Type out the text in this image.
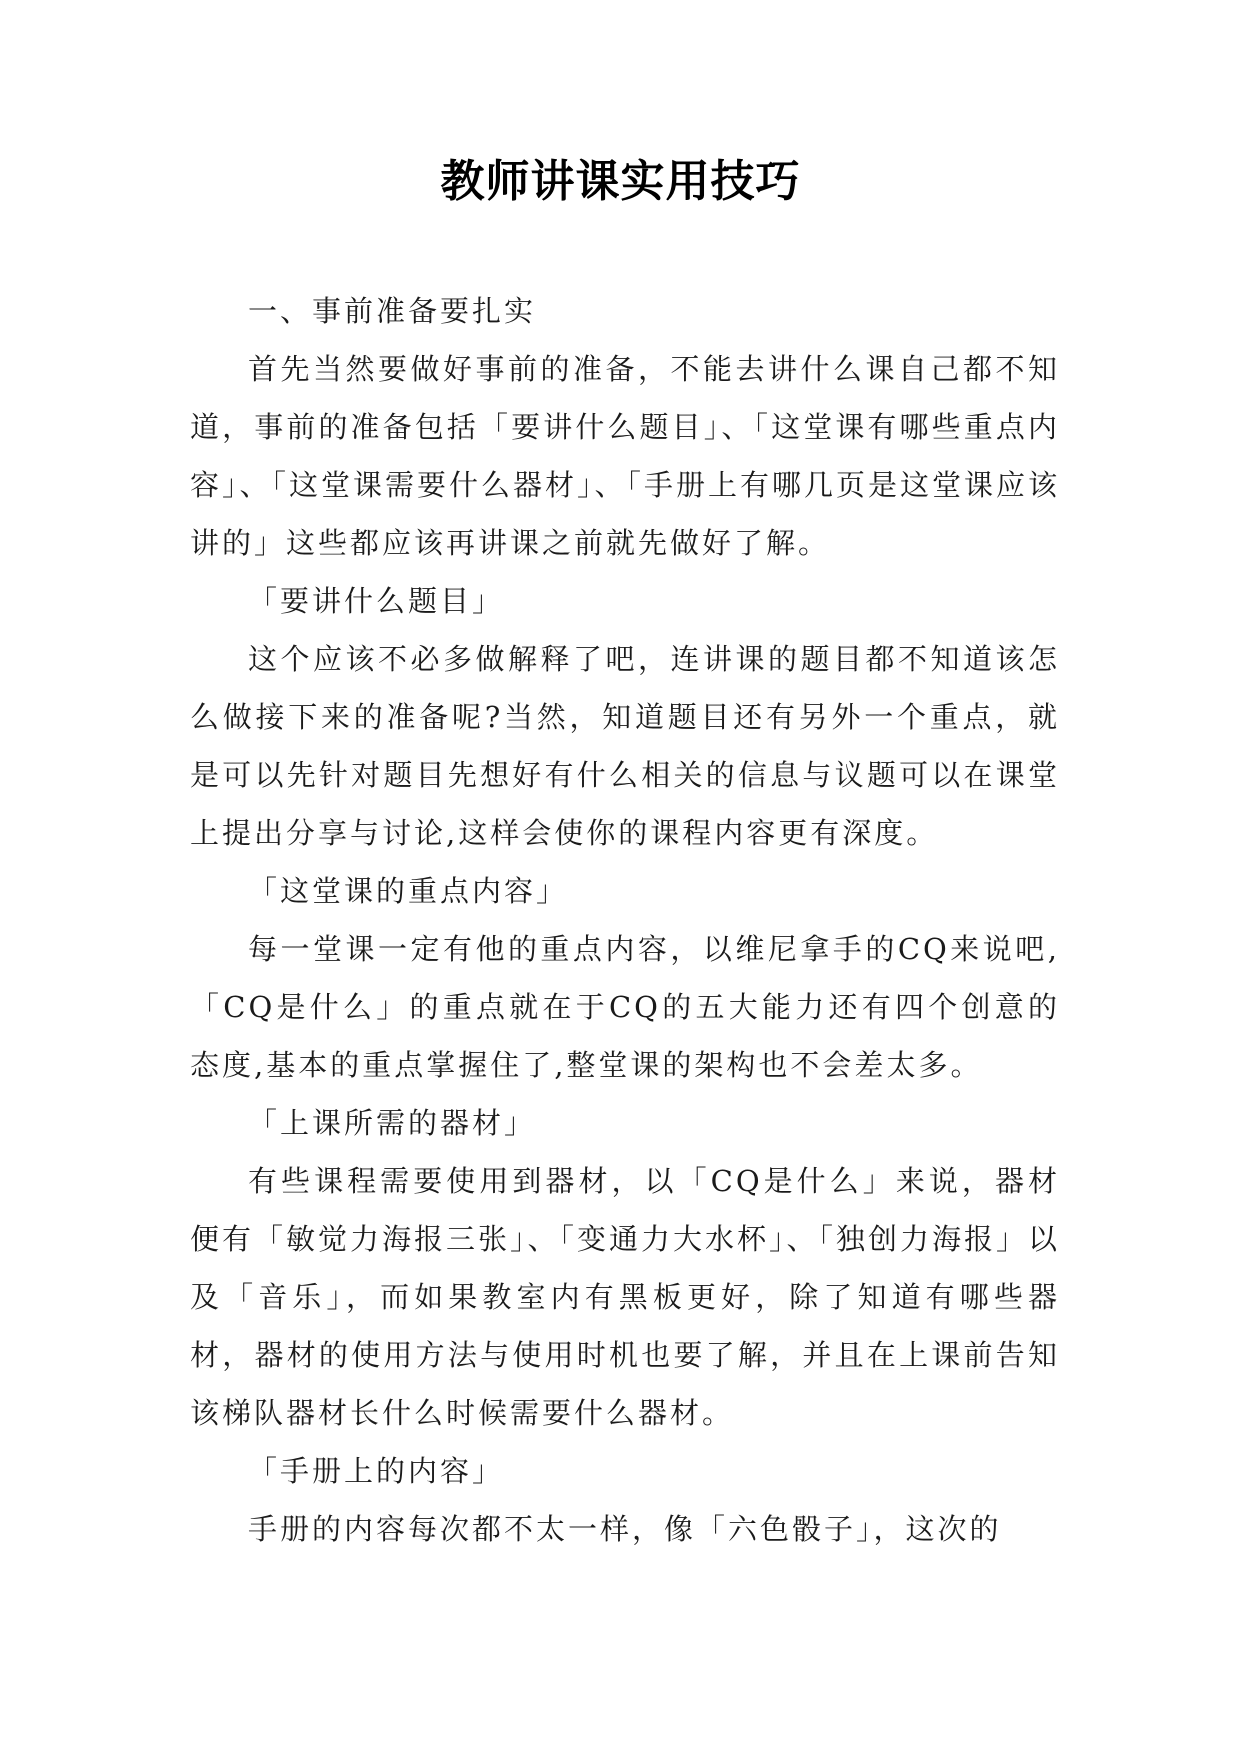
教师讲课实用技巧

一、事前准备要扎实

首先当然要做好事前的准备，不能去讲什么课自己都不知道，事前的准备包括「要讲什么题目」、「这堂课有哪些重点内容」、「这堂课需要什么器材」、「手册上有哪几页是这堂课应该讲的」这些都应该再讲课之前就先做好了解。

「要讲什么题目」

这个应该不必多做解释了吧，连讲课的题目都不知道该怎么做接下来的准备呢?当然，知道题目还有另外一个重点，就是可以先针对题目先想好有什么相关的信息与议题可以在课堂上提出分享与讨论,这样会使你的课程内容更有深度。

「这堂课的重点内容」

每一堂课一定有他的重点内容，以维尼拿手的CQ来说吧,「CQ是什么」的重点就在于CQ的五大能力还有四个创意的态度,基本的重点掌握住了,整堂课的架构也不会差太多。

「上课所需的器材」

有些课程需要使用到器材，以「CQ是什么」来说，器材便有「敏觉力海报三张」、「变通力大水杯」、「独创力海报」以及「音乐」，而如果教室内有黑板更好，除了知道有哪些器材，器材的使用方法与使用时机也要了解，并且在上课前告知该梯队器材长什么时候需要什么器材。

「手册上的内容」

手册的内容每次都不太一样，像「六色骰子」，这次的
